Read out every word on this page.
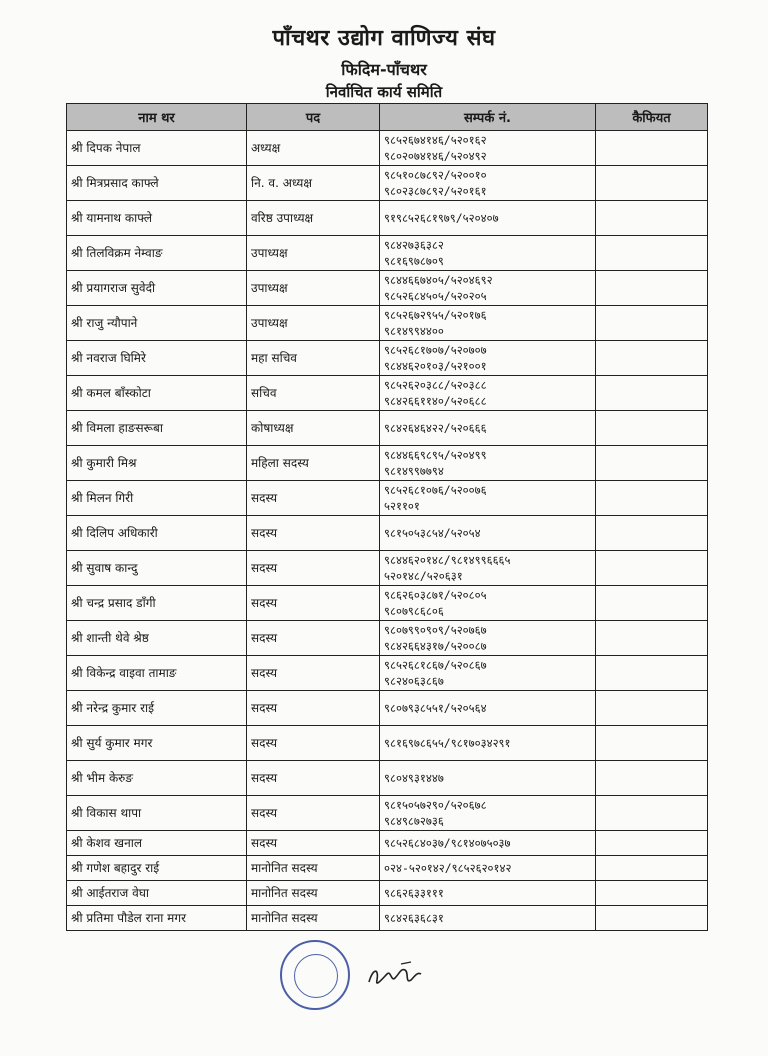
पाँचथर उद्योग वाणिज्य संघ
फिदिम-पाँचथर
निर्वाचित कार्य समिति
नाम थर	पद	सम्पर्क नं.	कैफियत
श्री दिपक नेपाल	अध्यक्ष	९८५२६७४१४६/५२०१६२
९८०२०७४१४६/५२०४९२	

श्री मित्रप्रसाद काफ्ले	नि. व. अध्यक्ष	९८५१०८७८९२/५२००१०
९८०२३८७८९२/५२०१६१	

श्री यामनाथ काफ्ले	वरिष्ठ उपाध्यक्ष	९१९८५२६८१९७९/५२०४०७	

श्री तिलविक्रम नेम्वाङ	उपाध्यक्ष	९८४२७३६३८२
९८१६९७८७०९	

श्री प्रयागराज सुवेदी	उपाध्यक्ष	९८४४६६७४०५/५२०४६९२
९८५२६८४५०५/५२०२०५	

श्री राजु न्यौपाने	उपाध्यक्ष	९८५२६७२९५५/५२०१७६
९८१४९९४४००	

श्री नवराज घिमिरे	महा सचिव	९८५२६८१७०७/५२०७०७
९८४४६२०१०३/५२१००१	

श्री कमल बाँस्कोटा	सचिव	९८५२६२०३८८/५२०३८८
९८४२६६११४०/५२०६८८	

श्री विमला हाङसरूबा	कोषाध्यक्ष	९८४२६४६४२२/५२०६६६	

श्री कुमारी मिश्र	महिला सदस्य	९८४४६६९८९५/५२०४९९
९८१४९९७७९४	

श्री मिलन गिरी	सदस्य	९८५२६८१०७६/५२००७६
५२११०१	

श्री दिलिप अधिकारी	सदस्य	९८१५०५३८५४/५२०५४	

श्री सुवाष कान्दु	सदस्य	९८४४६२०१४८/९८१४९९६६६५
५२०१४८/५२०६३१	

श्री चन्द्र प्रसाद डाँगी	सदस्य	९८६२६०३८७१/५२०८०५
९८०७९८६८०६	

श्री शान्ती थेवे श्रेष्ठ	सदस्य	९८०७९९०९०९/५२०७६७
९८४२६६४३१७/५२००८७	

श्री विकेन्द्र वाइवा तामाङ	सदस्य	९८५२६८१८६७/५२०८६७
९८२४०६३८६७	

श्री नरेन्द्र कुमार राई	सदस्य	९८०७९३८५५१/५२०५६४	

श्री सुर्य कुमार मगर	सदस्य	९८१६९७८६५५/९८१७०३४२९१	

श्री भीम केरुङ	सदस्य	९८०४९३१४४७	

श्री विकास थापा	सदस्य	९८१५०५७२९०/५२०६७८
९८४९८७२७३६	

श्री केशव खनाल	सदस्य	९८५२६८४०३७/९८१४०७५०३७	

श्री गणेश बहादुर राई	मानोनित सदस्य	०२४-५२०१४२/९८५२६२०१४२	

श्री आईतराज वेघा	मानोनित सदस्य	९८६२६३३१११	

श्री प्रतिमा पौडेल राना मगर	मानोनित सदस्य	९८४२६३६८३१	
